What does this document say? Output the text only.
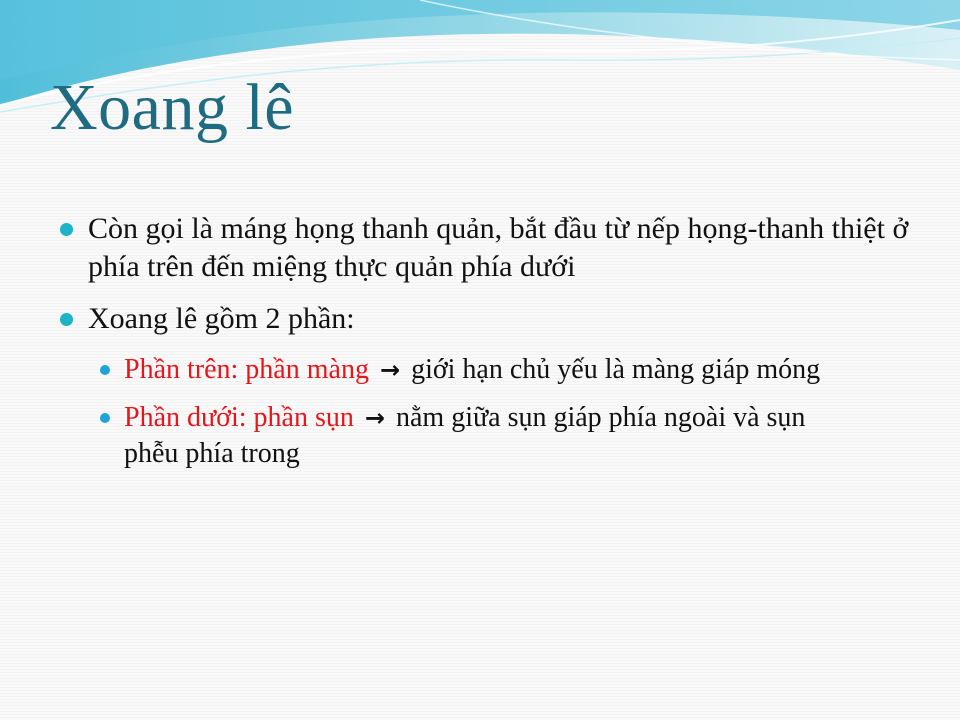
Xoang lê
Còn gọi là máng họng thanh quản, bắt đầu từ nếp họng-thanh thiệt ở phía trên đến miệng thực quản phía dưới
Xoang lê gồm 2 phần:
Phần trên: phần màng → giới hạn chủ yếu là màng giáp móng
Phần dưới: phần sụn → nằm giữa sụn giáp phía ngoài và sụn phễu phía trong
